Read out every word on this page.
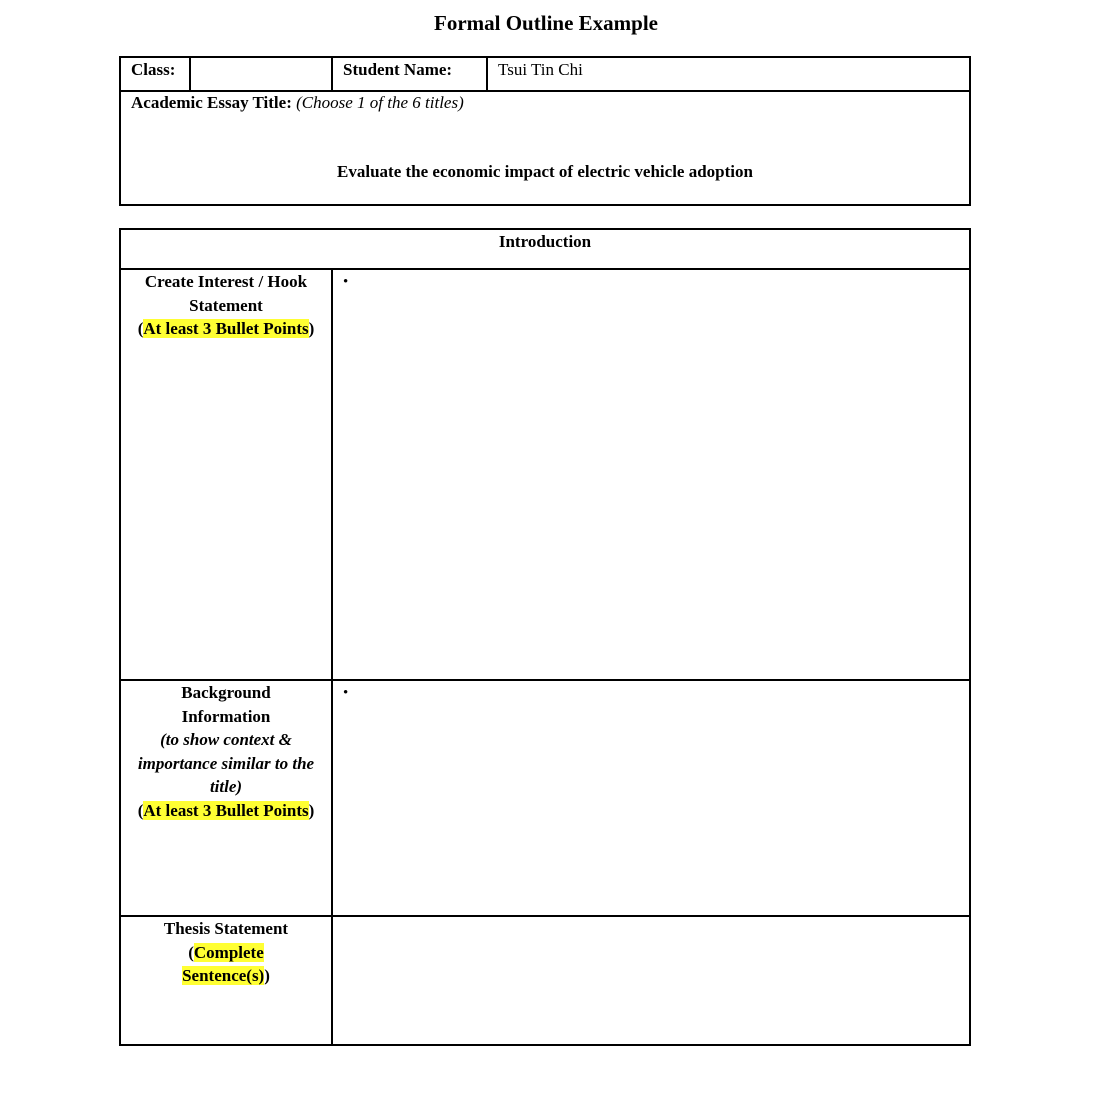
Formal Outline Example
Class:	Student Name:	Tsui Tin Chi
Academic Essay Title: (Choose 1 of the 6 titles)
Evaluate the economic impact of electric vehicle adoption
Introduction
Create Interest / Hook Statement
(At least 3 Bullet Points)
•
Background Information
(to show context & importance similar to the title)
(At least 3 Bullet Points)
•
Thesis Statement
(Complete Sentence(s))
